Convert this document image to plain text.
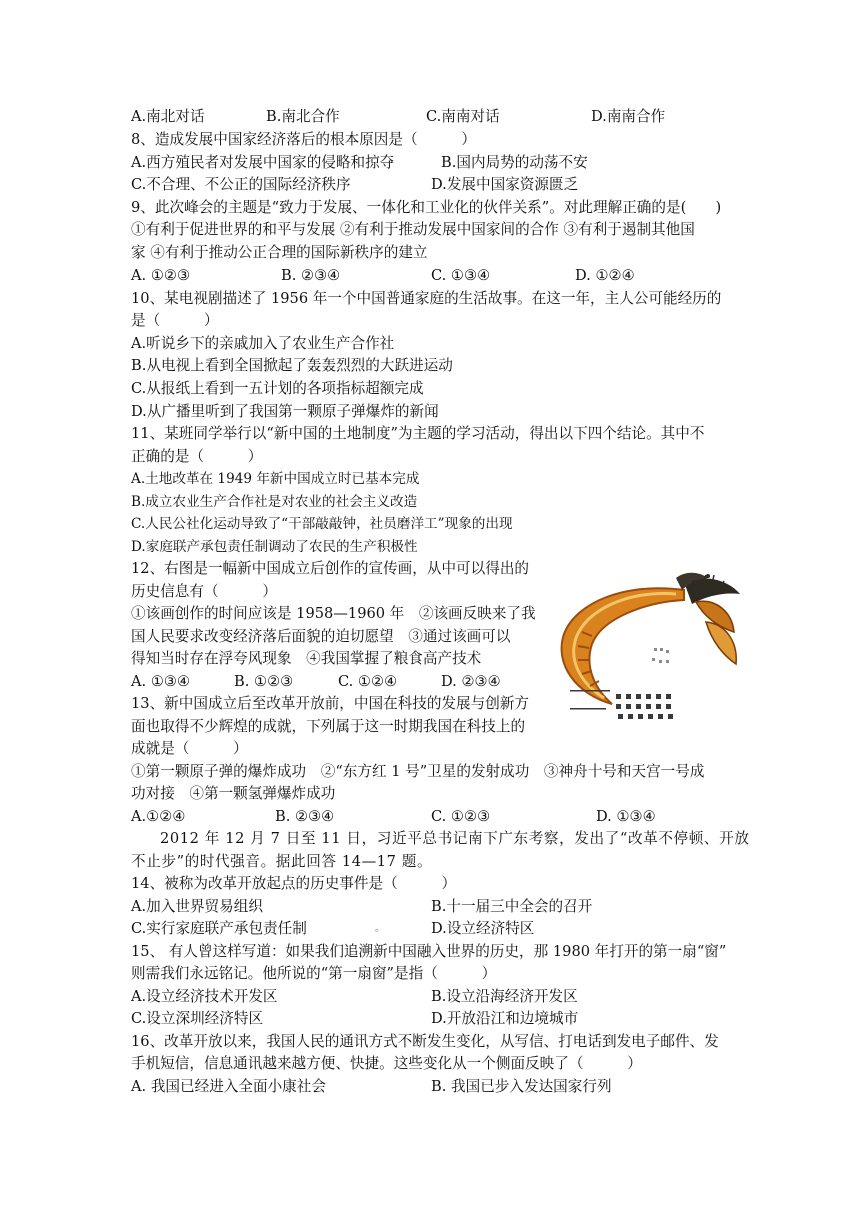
A.南北对话	B.南北合作	C.南南对话	D.南南合作
8、造成发展中国家经济落后的根本原因是（　　　）
A.西方殖民者对发展中国家的侵略和掠夺	B.国内局势的动荡不安
C.不合理、不公正的国际经济秩序	D.发展中国家资源匮乏
9、此次峰会的主题是“致力于发展、一体化和工业化的伙伴关系”。对此理解正确的是(　　)
①有利于促进世界的和平与发展 ②有利于推动发展中国家间的合作 ③有利于遏制其他国
家 ④有利于推动公正合理的国际新秩序的建立
A. ①②③	B. ②③④	C. ①③④	D. ①②④
10、某电视剧描述了 1956 年一个中国普通家庭的生活故事。在这一年，主人公可能经历的
是（　　　）
A.听说乡下的亲戚加入了农业生产合作社
B.从电视上看到全国掀起了轰轰烈烈的大跃进运动
C.从报纸上看到一五计划的各项指标超额完成
D.从广播里听到了我国第一颗原子弹爆炸的新闻
11、某班同学举行以“新中国的土地制度”为主题的学习活动，得出以下四个结论。其中不
正确的是（　　　）
A.土地改革在 1949 年新中国成立时已基本完成
B.成立农业生产合作社是对农业的社会主义改造
C.人民公社化运动导致了“干部敲敲钟，社员磨洋工”现象的出现
D.家庭联产承包责任制调动了农民的生产积极性
12、右图是一幅新中国成立后创作的宣传画，从中可以得出的
历史信息有（　　　）
①该画创作的时间应该是 1958—1960 年　②该画反映来了我
国人民要求改变经济落后面貌的迫切愿望　③通过该画可以
得知当时存在浮夸风现象　④我国掌握了粮食高产技术
A. ①③④	B. ①②③	C. ①②④	D. ②③④
13、新中国成立后至改革开放前，中国在科技的发展与创新方
面也取得不少辉煌的成就，下列属于这一时期我国在科技上的
成就是（　　　）
①第一颗原子弹的爆炸成功　②“东方红 1 号”卫星的发射成功　③神舟十号和天宫一号成
功对接　④第一颗氢弹爆炸成功
A.①②④	B. ②③④	C. ①②③	D. ①③④
2012 年 12 月 7 日至 11 日，习近平总书记南下广东考察，发出了“改革不停顿、开放
不止步”的时代强音。据此回答 14—17 题。
14、被称为改革开放起点的历史事件是（　　　）
A.加入世界贸易组织	B.十一届三中全会的召开
C.实行家庭联产承包责任制	。	D.设立经济特区
15、 有人曾这样写道：如果我们追溯新中国融入世界的历史，那 1980 年打开的第一扇“窗”
则需我们永远铭记。他所说的“第一扇窗”是指（　　　）
A.设立经济技术开发区	B.设立沿海经济开发区
C.设立深圳经济特区	D.开放沿江和边境城市
16、改革开放以来，我国人民的通讯方式不断发生变化，从写信、打电话到发电子邮件、发
手机短信，信息通讯越来越方便、快捷。这些变化从一个侧面反映了（　　　）
A. 我国已经进入全面小康社会	B. 我国已步入发达国家行列
